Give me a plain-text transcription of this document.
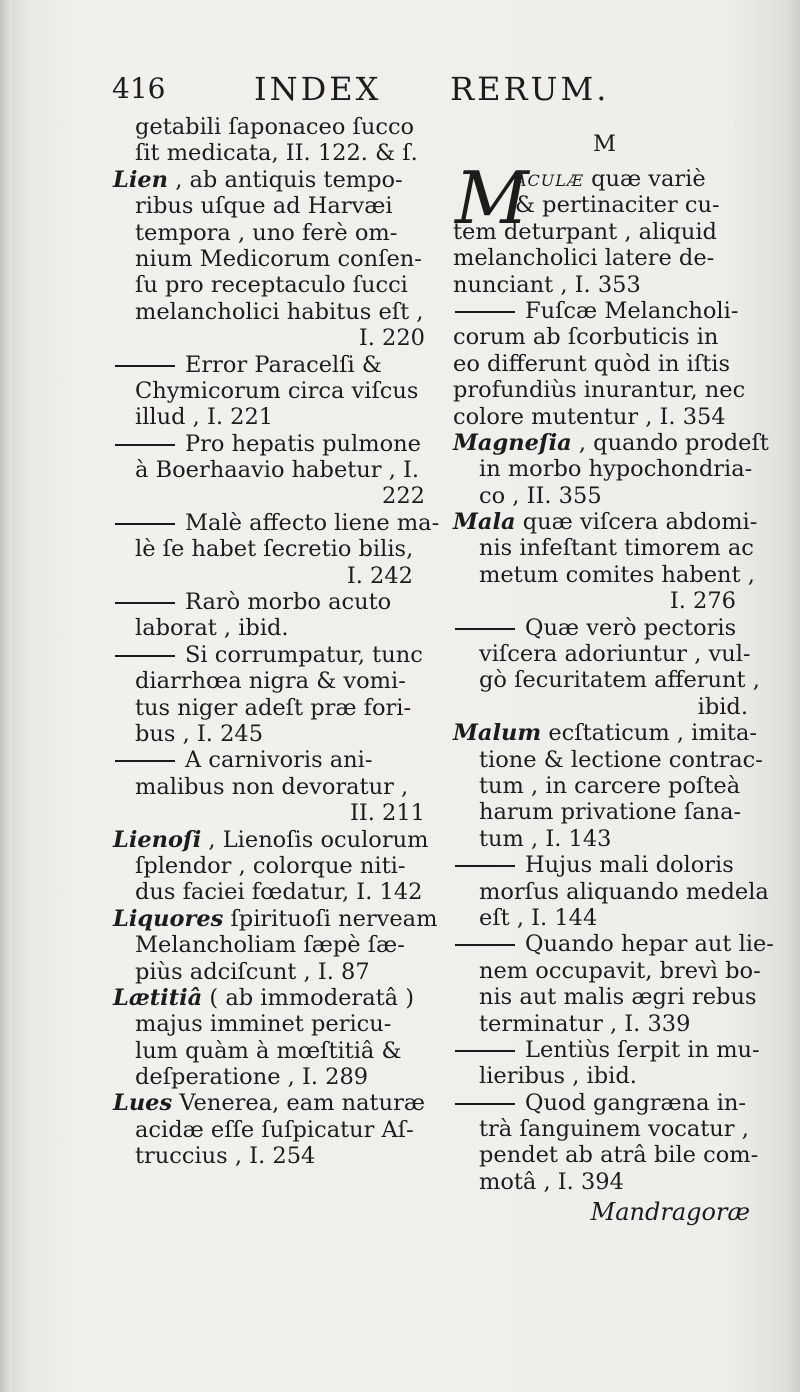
416	INDEX RERUM.
getabili ſaponaceo ſucco
ſit medicata, II. 122. & ſ.
Lien , ab antiquis tempo-
ribus uſque ad Harvæi
tempora , uno ferè om-
nium Medicorum conſen-
ſu pro receptaculo ſucci
melancholici habitus eſt ,
I. 220
Error Paracelſi &
Chymicorum circa viſcus
illud , I. 221
Pro hepatis pulmone
à Boerhaavio habetur , I.
222
Malè affecto liene ma-
lè ſe habet ſecretio bilis,
I. 242
Rarò morbo acuto
laborat , ibid.
Si corrumpatur, tunc
diarrhœa nigra & vomi-
tus niger adeſt præ fori-
bus , I. 245
A carnivoris ani-
malibus non devoratur ,
II. 211
Lienoſi , Lienoſis oculorum
ſplendor , colorque niti-
dus faciei fœdatur, I. 142
Liquores ſpirituoſi nerveam
Melancholiam ſæpè ſæ-
piùs adciſcunt , I. 87
Lætitiâ ( ab immoderatâ )
majus imminet pericu-
lum quàm à mœſtitiâ &
deſperatione , I. 289
Lues Venerea, eam naturæ
acidæ eſſe ſuſpicatur Aſ-
truccius , I. 254
M
M
ACULÆ quæ variè
& pertinaciter cu-
tem deturpant , aliquid
melancholici latere de-
nunciant , I. 353
Fuſcæ Melancholi-
corum ab ſcorbuticis in
eo differunt quòd in iſtis
profundiùs inurantur, nec
colore mutentur , I. 354
Magneſia , quando prodeſt
in morbo hypochondria-
co , II. 355
Mala quæ viſcera abdomi-
nis infeſtant timorem ac
metum comites habent ,
I. 276
Quæ verò pectoris
viſcera adoriuntur , vul-
gò ſecuritatem afferunt ,
ibid.
Malum ecſtaticum , imita-
tione & lectione contrac-
tum , in carcere poſteà
harum privatione ſana-
tum , I. 143
Hujus mali doloris
morſus aliquando medela
eſt , I. 144
Quando hepar aut lie-
nem occupavit, brevì bo-
nis aut malis ægri rebus
terminatur , I. 339
Lentiùs ſerpit in mu-
lieribus , ibid.
Quod gangræna in-
trà ſanguinem vocatur ,
pendet ab atrâ bile com-
motâ , I. 394
Mandragoræ
